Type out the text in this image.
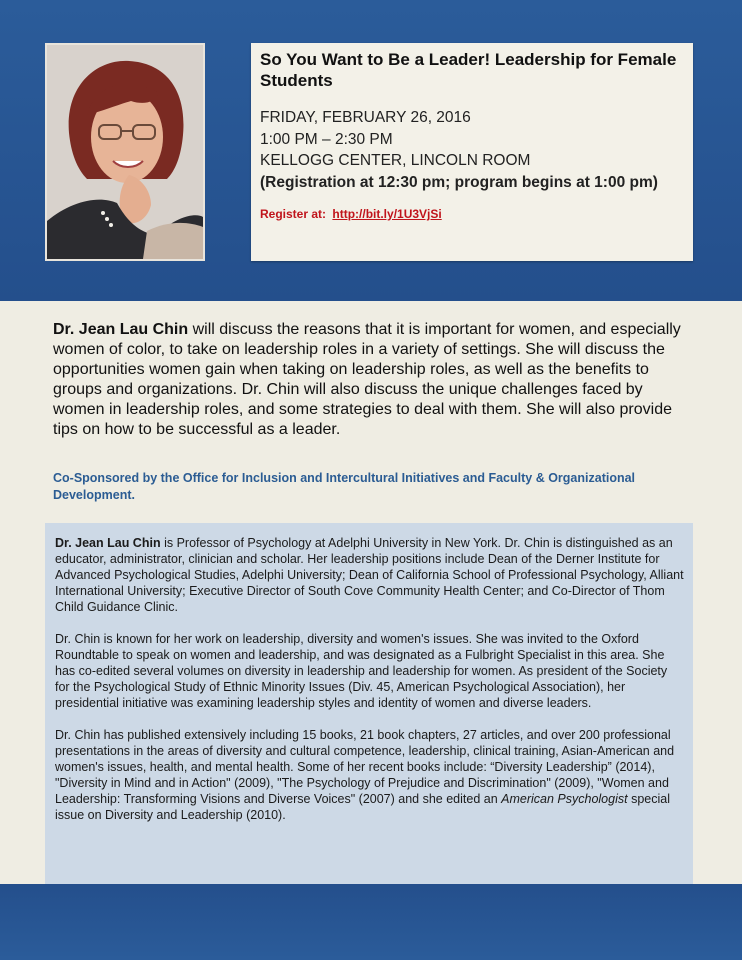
So You Want to Be a Leader! Leadership for Female Students
FRIDAY, FEBRUARY 26, 2016
1:00 PM – 2:30 PM
KELLOGG CENTER, LINCOLN ROOM
(Registration at 12:30 pm; program begins at 1:00 pm)
Register at: http://bit.ly/1U3VjSi
Dr. Jean Lau Chin will discuss the reasons that it is important for women, and especially women of color, to take on leadership roles in a variety of settings. She will discuss the opportunities women gain when taking on leadership roles, as well as the benefits to groups and organizations. Dr. Chin will also discuss the unique challenges faced by women in leadership roles, and some strategies to deal with them. She will also provide tips on how to be successful as a leader.
Co-Sponsored by the Office for Inclusion and Intercultural Initiatives and Faculty & Organizational Development.

Dr. Jean Lau Chin is Professor of Psychology at Adelphi University in New York. Dr. Chin is distinguished as an educator, administrator, clinician and scholar. Her leadership positions include Dean of the Derner Institute for Advanced Psychological Studies, Adelphi University; Dean of California School of Professional Psychology, Alliant International University; Executive Director of South Cove Community Health Center; and Co-Director of Thom Child Guidance Clinic.

Dr. Chin is known for her work on leadership, diversity and women's issues. She was invited to the Oxford Roundtable to speak on women and leadership, and was designated as a Fulbright Specialist in this area. She has co-edited several volumes on diversity in leadership and leadership for women. As president of the Society for the Psychological Study of Ethnic Minority Issues (Div. 45, American Psychological Association), her presidential initiative was examining leadership styles and identity of women and diverse leaders.

Dr. Chin has published extensively including 15 books, 21 book chapters, 27 articles, and over 200 professional presentations in the areas of diversity and cultural competence, leadership, clinical training, Asian-American and women's issues, health, and mental health. Some of her recent books include: “Diversity Leadership” (2014), "Diversity in Mind and in Action" (2009), "The Psychology of Prejudice and Discrimination" (2009), "Women and Leadership: Transforming Visions and Diverse Voices" (2007) and she edited an American Psychologist special issue on Diversity and Leadership (2010).
